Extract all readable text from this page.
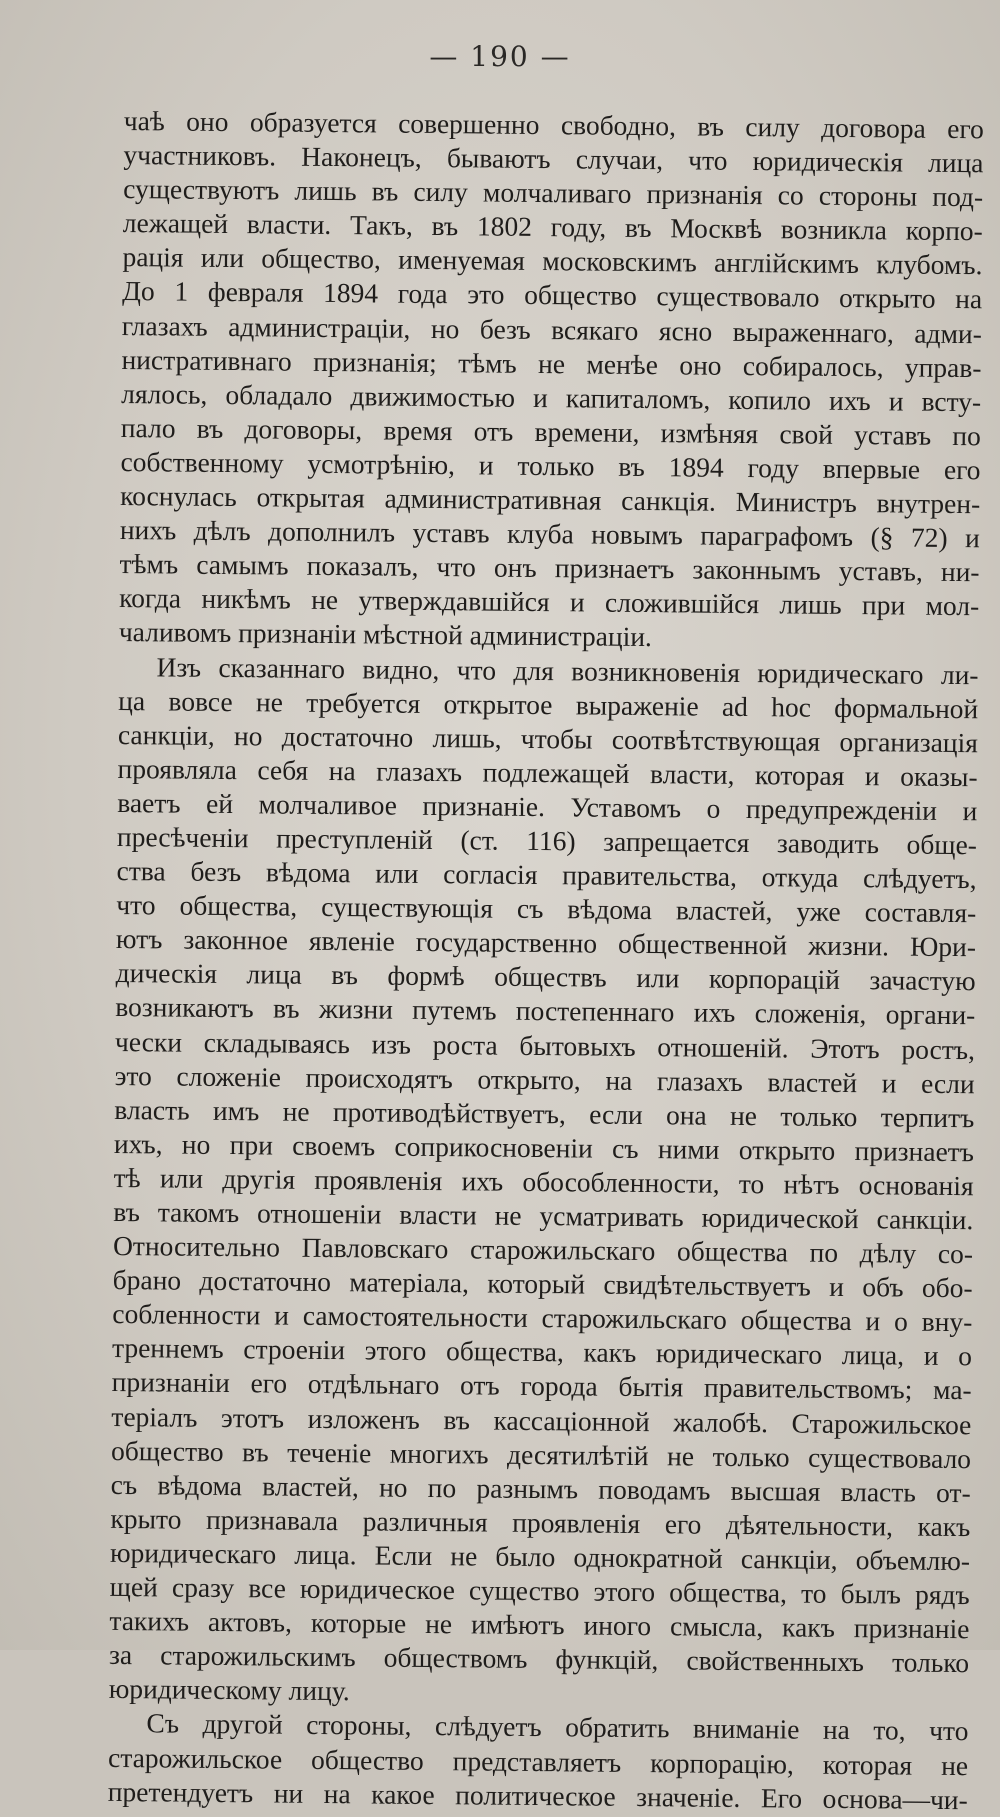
— 190 —
чаѣ оно образуется совершенно свободно, въ силу договора его
участниковъ. Наконецъ, бываютъ случаи, что юридическія лица
существуютъ лишь въ силу молчаливаго признанія со стороны под-
лежащей власти. Такъ, въ 1802 году, въ Москвѣ возникла корпо-
рація или общество, именуемая московскимъ англійскимъ клубомъ.
До 1 февраля 1894 года это общество существовало открыто на
глазахъ администраціи, но безъ всякаго ясно выраженнаго, адми-
нистративнаго признанія; тѣмъ не менѣе оно собиралось, управ-
лялось, обладало движимостью и капиталомъ, копило ихъ и всту-
пало въ договоры, время отъ времени, измѣняя свой уставъ по
собственному усмотрѣнію, и только въ 1894 году впервые его
коснулась открытая административная санкція. Министръ внутрен-
нихъ дѣлъ дополнилъ уставъ клуба новымъ параграфомъ (§ 72) и
тѣмъ самымъ показалъ, что онъ признаетъ законнымъ уставъ, ни-
когда никѣмъ не утверждавшійся и сложившійся лишь при мол-
чаливомъ признаніи мѣстной администраціи.
Изъ сказаннаго видно, что для возникновенія юридическаго ли-
ца вовсе не требуется открытое выраженіе ad hoc формальной
санкціи, но достаточно лишь, чтобы соотвѣтствующая организація
проявляла себя на глазахъ подлежащей власти, которая и оказы-
ваетъ ей молчаливое признаніе. Уставомъ о предупрежденіи и
пресѣченіи преступленій (ст. 116) запрещается заводить обще-
ства безъ вѣдома или согласія правительства, откуда слѣдуетъ,
что общества, существующія съ вѣдома властей, уже составля-
ютъ законное явленіе государственно общественной жизни. Юри-
дическія лица въ формѣ обществъ или корпорацій зачастую
возникаютъ въ жизни путемъ постепеннаго ихъ сложенія, органи-
чески складываясь изъ роста бытовыхъ отношеній. Этотъ ростъ,
это сложеніе происходятъ открыто, на глазахъ властей и если
власть имъ не противодѣйствуетъ, если она не только терпитъ
ихъ, но при своемъ соприкосновеніи съ ними открыто признаетъ
тѣ или другія проявленія ихъ обособленности, то нѣтъ основанія
въ такомъ отношеніи власти не усматривать юридической санкціи.
Относительно Павловскаго старожильскаго общества по дѣлу со-
брано достаточно матеріала, который свидѣтельствуетъ и объ обо-
собленности и самостоятельности старожильскаго общества и о вну-
треннемъ строеніи этого общества, какъ юридическаго лица, и о
признаніи его отдѣльнаго отъ города бытія правительствомъ; ма-
теріалъ этотъ изложенъ въ кассаціонной жалобѣ. Старожильское
общество въ теченіе многихъ десятилѣтій не только существовало
съ вѣдома властей, но по разнымъ поводамъ высшая власть от-
крыто признавала различныя проявленія его дѣятельности, какъ
юридическаго лица. Если не было однократной санкціи, объемлю-
щей сразу все юридическое существо этого общества, то былъ рядъ
такихъ актовъ, которые не имѣютъ иного смысла, какъ признаніе
за старожильскимъ обществомъ функцій, свойственныхъ только
юридическому лицу.
Съ другой стороны, слѣдуетъ обратить вниманіе на то, что
старожильское общество представляетъ корпорацію, которая не
претендуетъ ни на какое политическое значеніе. Его основа—чи-
